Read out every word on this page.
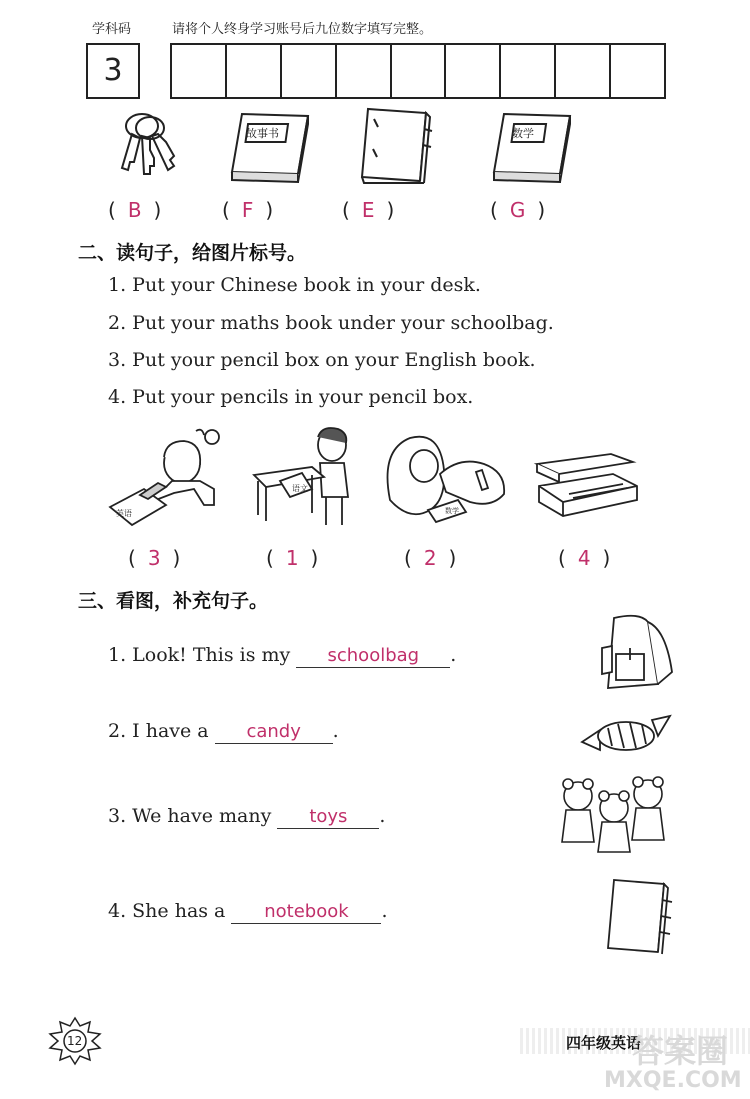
学科码	请将个人终身学习账号后九位数字填写完整。
3
故事书	数学
( B )	( F )	( E )	( G )
二、读句子，给图片标号。
1. Put your Chinese book in your desk.
2. Put your maths book under your schoolbag.
3. Put your pencil box on your English book.
4. Put your pencils in your pencil box.
英语
语文
数学
( 3 )	( 1 )	( 2 )	( 4 )
三、看图，补充句子。
1. Look! This is my schoolbag .
2. I have a candy .
3. We have many toys .
4. She has a notebook .
12	四年级英语
答案圈
MXQE.COM
